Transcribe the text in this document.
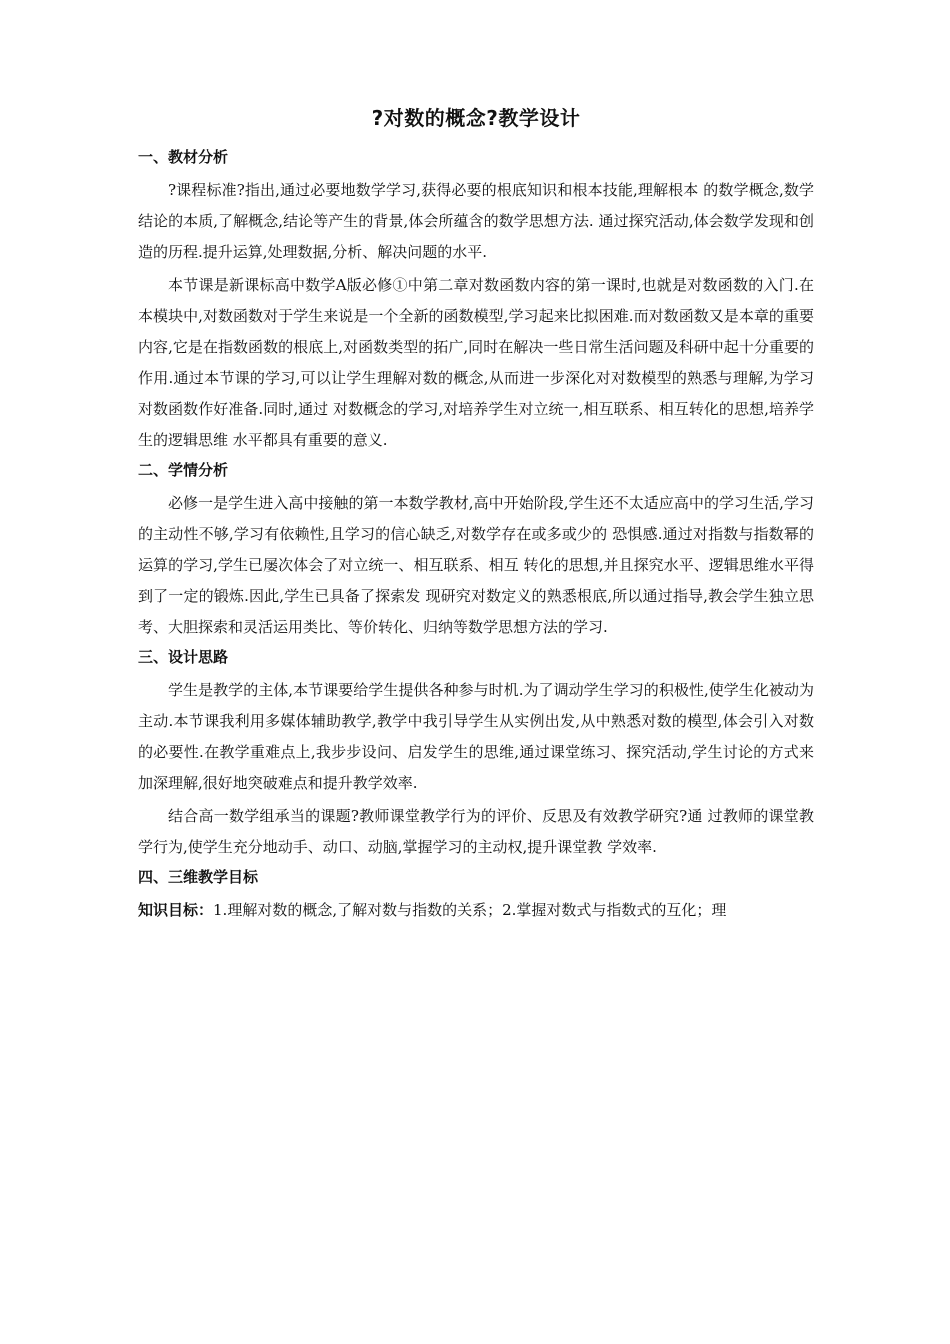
?对数的概念?教学设计
一、教材分析

?课程标准?指出,通过必要地数学学习,获得必要的根底知识和根本技能,理解根本 的数学概念,数学结论的本质,了解概念,结论等产生的背景,体会所蕴含的数学思想方法. 通过探究活动,体会数学发现和创造的历程.提升运算,处理数据,分析、解决问题的水平.

本节课是新课标高中数学A版必修①中第二章对数函数内容的第一课时,也就是对数函数的入门.在本模块中,对数函数对于学生来说是一个全新的函数模型,学习起来比拟困难.而对数函数又是本章的重要内容,它是在指数函数的根底上,对函数类型的拓广,同时在解决一些日常生活问题及科研中起十分重要的作用.通过本节课的学习,可以让学生理解对数的概念,从而进一步深化对对数模型的熟悉与理解,为学习对数函数作好准备.同时,通过 对数概念的学习,对培养学生对立统一,相互联系、相互转化的思想,培养学生的逻辑思维 水平都具有重要的意义.

二、学情分析

必修一是学生进入高中接触的第一本数学教材,高中开始阶段,学生还不太适应高中的学习生活,学习的主动性不够,学习有依赖性,且学习的信心缺乏,对数学存在或多或少的 恐惧感.通过对指数与指数幂的运算的学习,学生已屡次体会了对立统一、相互联系、相互 转化的思想,并且探究水平、逻辑思维水平得到了一定的锻炼.因此,学生已具备了探索发 现研究对数定义的熟悉根底,所以通过指导,教会学生独立思考、大胆探索和灵活运用类比、等价转化、归纳等数学思想方法的学习.

三、设计思路

学生是教学的主体,本节课要给学生提供各种参与时机.为了调动学生学习的积极性,使学生化被动为主动.本节课我利用多媒体辅助教学,教学中我引导学生从实例出发,从中熟悉对数的模型,体会引入对数的必要性.在教学重难点上,我步步设问、启发学生的思维,通过课堂练习、探究活动,学生讨论的方式来加深理解,很好地突破难点和提升教学效率.

结合高一数学组承当的课题?教师课堂教学行为的评价、反思及有效教学研究?通 过教师的课堂教学行为,使学生充分地动手、动口、动脑,掌握学习的主动权,提升课堂教 学效率.

四、三维教学目标

知识目标：1.理解对数的概念,了解对数与指数的关系；2.掌握对数式与指数式的互化；理
